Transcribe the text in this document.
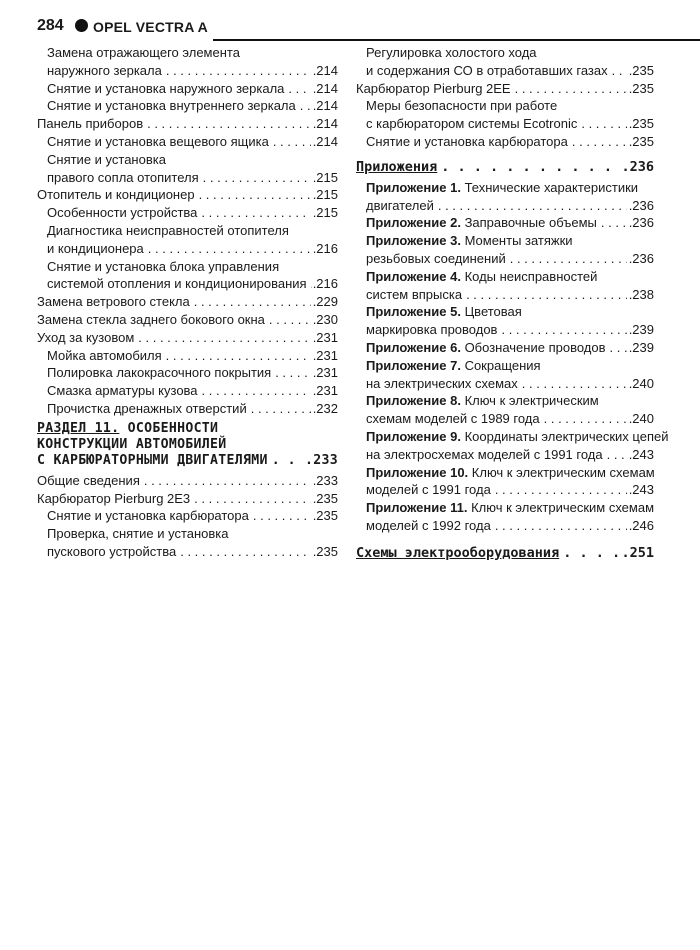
284 OPEL VECTRA A
Замена отражающего элемента
наружного зеркала . . .	.214
Снятие и установка наружного зеркала . . . .214
Снятие и установка внутреннего зеркала . . . .214
Панель приборов . . .	.214
Снятие и установка вещевого ящика . . .	.214
Снятие и установка
правого сопла отопителя . . .	.215
Отопитель и кондиционер . . .	.215
Особенности устройства . . .	.215
Диагностика неисправностей отопителя
и кондиционера . . .	.216
Снятие и установка блока управления
системой отопления и кондиционирования . . . .216
Замена ветрового стекла . . .	.229
Замена стекла заднего бокового окна . . .	.230
Уход за кузовом . . .	.231
Мойка автомобиля . . .	.231
Полировка лакокрасочного покрытия . . .	.231
Смазка арматуры кузова . . .	.231
Прочистка дренажных отверстий . . .	.232
РАЗДЕЛ 11. ОСОБЕННОСТИ
КОНСТРУКЦИИ АВТОМОБИЛЕЙ
С КАРБЮРАТОРНЫМИ ДВИГАТЕЛЯМИ . . .	.233
Общие сведения . . .	.233
Карбюратор Pierburg 2E3 . . .	.235
Снятие и установка карбюратора . . .	.235
Проверка, снятие и установка
пускового устройства . . .	.235
Регулировка холостого хода
и содержания СО в отработавших газах . . . .235
Карбюратор Pierburg 2EE . . .	.235
Меры безопасности при работе
с карбюратором системы Ecotronic . . .	.235
Снятие и установка карбюратора . . .	.235
Приложения . . .	.236
Приложение 1. Технические характеристики
двигателей . . .	.236
Приложение 2. Заправочные объемы . . . .236
Приложение 3. Моменты затяжки
резьбовых соединений . . .	.236
Приложение 4. Коды неисправностей
систем впрыска . . .	.238
Приложение 5. Цветовая
маркировка проводов . . .	.239
Приложение 6. Обозначение проводов . . . .239
Приложение 7. Сокращения
на электрических схемах . . .	.240
Приложение 8. Ключ к электрическим
схемам моделей с 1989 года . . .	.240
Приложение 9. Координаты электрических цепей
на электросхемах моделей с 1991 года . . . .243
Приложение 10. Ключ к электрическим схемам
моделей с 1991 года . . .	.243
Приложение 11. Ключ к электрическим схемам
моделей с 1992 года . . .	.246
Схемы электрооборудования . . .	.251
